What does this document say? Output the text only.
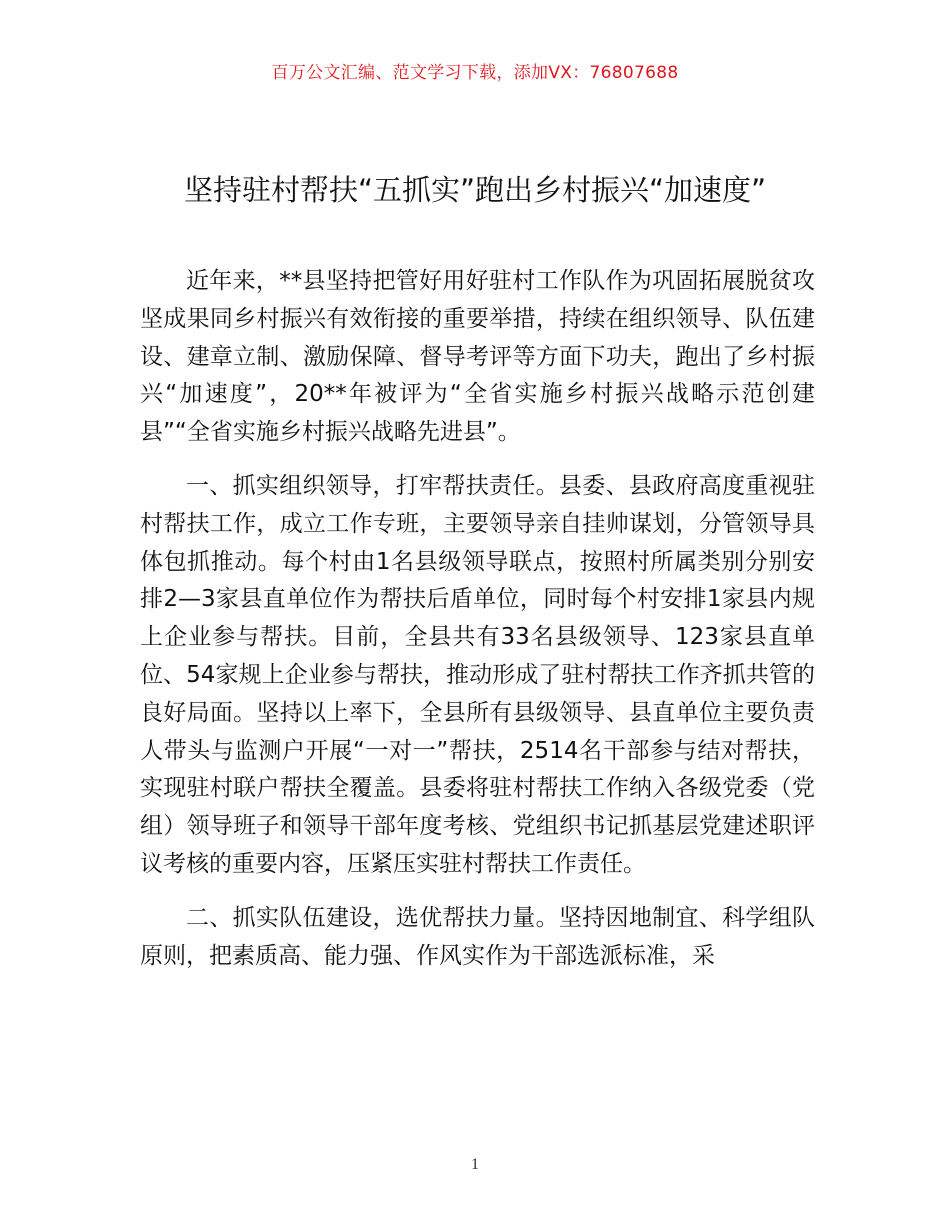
百万公文汇编、范文学习下载，添加VX：76807688
坚持驻村帮扶“五抓实”跑出乡村振兴“加速度”

近年来，**县坚持把管好用好驻村工作队作为巩固拓展脱贫攻坚成果同乡村振兴有效衔接的重要举措，持续在组织领导、队伍建设、建章立制、激励保障、督导考评等方面下功夫，跑出了乡村振兴“加速度”，20**年被评为“全省实施乡村振兴战略示范创建县”“全省实施乡村振兴战略先进县”。

一、抓实组织领导，打牢帮扶责任。县委、县政府高度重视驻村帮扶工作，成立工作专班，主要领导亲自挂帅谋划，分管领导具体包抓推动。每个村由1名县级领导联点，按照村所属类别分别安排2—3家县直单位作为帮扶后盾单位，同时每个村安排1家县内规上企业参与帮扶。目前，全县共有33名县级领导、123家县直单位、54家规上企业参与帮扶，推动形成了驻村帮扶工作齐抓共管的良好局面。坚持以上率下，全县所有县级领导、县直单位主要负责人带头与监测户开展“一对一”帮扶，2514名干部参与结对帮扶，实现驻村联户帮扶全覆盖。县委将驻村帮扶工作纳入各级党委（党组）领导班子和领导干部年度考核、党组织书记抓基层党建述职评议考核的重要内容，压紧压实驻村帮扶工作责任。

二、抓实队伍建设，选优帮扶力量。坚持因地制宜、科学组队原则，把素质高、能力强、作风实作为干部选派标准，采

1
